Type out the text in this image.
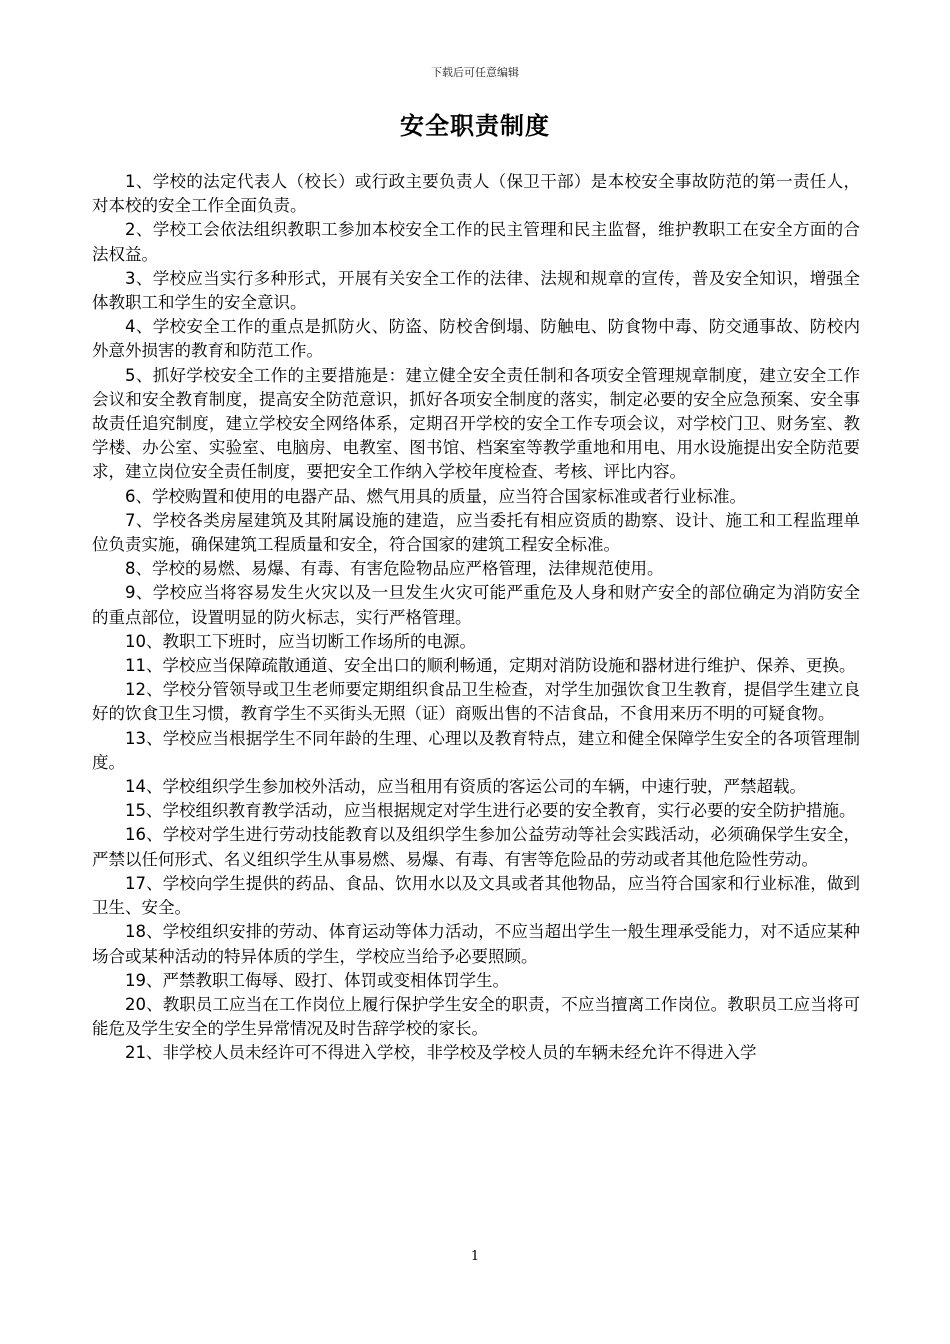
下载后可任意编辑
安全职责制度

1、学校的法定代表人（校长）或行政主要负责人（保卫干部）是本校安全事故防范的第一责任人，对本校的安全工作全面负责。

2、学校工会依法组织教职工参加本校安全工作的民主管理和民主监督，维护教职工在安全方面的合法权益。

3、学校应当实行多种形式，开展有关安全工作的法律、法规和规章的宣传，普及安全知识，增强全体教职工和学生的安全意识。

4、学校安全工作的重点是抓防火、防盗、防校舍倒塌、防触电、防食物中毒、防交通事故、防校内外意外损害的教育和防范工作。

5、抓好学校安全工作的主要措施是：建立健全安全责任制和各项安全管理规章制度，建立安全工作会议和安全教育制度，提高安全防范意识，抓好各项安全制度的落实，制定必要的安全应急预案、安全事故责任追究制度，建立学校安全网络体系，定期召开学校的安全工作专项会议，对学校门卫、财务室、教学楼、办公室、实验室、电脑房、电教室、图书馆、档案室等教学重地和用电、用水设施提出安全防范要求，建立岗位安全责任制度，要把安全工作纳入学校年度检查、考核、评比内容。

6、学校购置和使用的电器产品、燃气用具的质量，应当符合国家标准或者行业标准。

7、学校各类房屋建筑及其附属设施的建造，应当委托有相应资质的勘察、设计、施工和工程监理单位负责实施，确保建筑工程质量和安全，符合国家的建筑工程安全标准。

8、学校的易燃、易爆、有毒、有害危险物品应严格管理，法律规范使用。

9、学校应当将容易发生火灾以及一旦发生火灾可能严重危及人身和财产安全的部位确定为消防安全的重点部位，设置明显的防火标志，实行严格管理。

10、教职工下班时，应当切断工作场所的电源。

11、学校应当保障疏散通道、安全出口的顺利畅通，定期对消防设施和器材进行维护、保养、更换。

12、学校分管领导或卫生老师要定期组织食品卫生检查，对学生加强饮食卫生教育，提倡学生建立良好的饮食卫生习惯，教育学生不买街头无照（证）商贩出售的不洁食品，不食用来历不明的可疑食物。

13、学校应当根据学生不同年龄的生理、心理以及教育特点，建立和健全保障学生安全的各项管理制度。

14、学校组织学生参加校外活动，应当租用有资质的客运公司的车辆，中速行驶，严禁超载。

15、学校组织教育教学活动，应当根据规定对学生进行必要的安全教育，实行必要的安全防护措施。

16、学校对学生进行劳动技能教育以及组织学生参加公益劳动等社会实践活动，必须确保学生安全，严禁以任何形式、名义组织学生从事易燃、易爆、有毒、有害等危险品的劳动或者其他危险性劳动。

17、学校向学生提供的药品、食品、饮用水以及文具或者其他物品，应当符合国家和行业标准，做到卫生、安全。

18、学校组织安排的劳动、体育运动等体力活动，不应当超出学生一般生理承受能力，对不适应某种场合或某种活动的特异体质的学生，学校应当给予必要照顾。

19、严禁教职工侮辱、殴打、体罚或变相体罚学生。

20、教职员工应当在工作岗位上履行保护学生安全的职责，不应当擅离工作岗位。教职员工应当将可能危及学生安全的学生异常情况及时告辞学校的家长。

21、非学校人员未经许可不得进入学校，非学校及学校人员的车辆未经允许不得进入学

1
